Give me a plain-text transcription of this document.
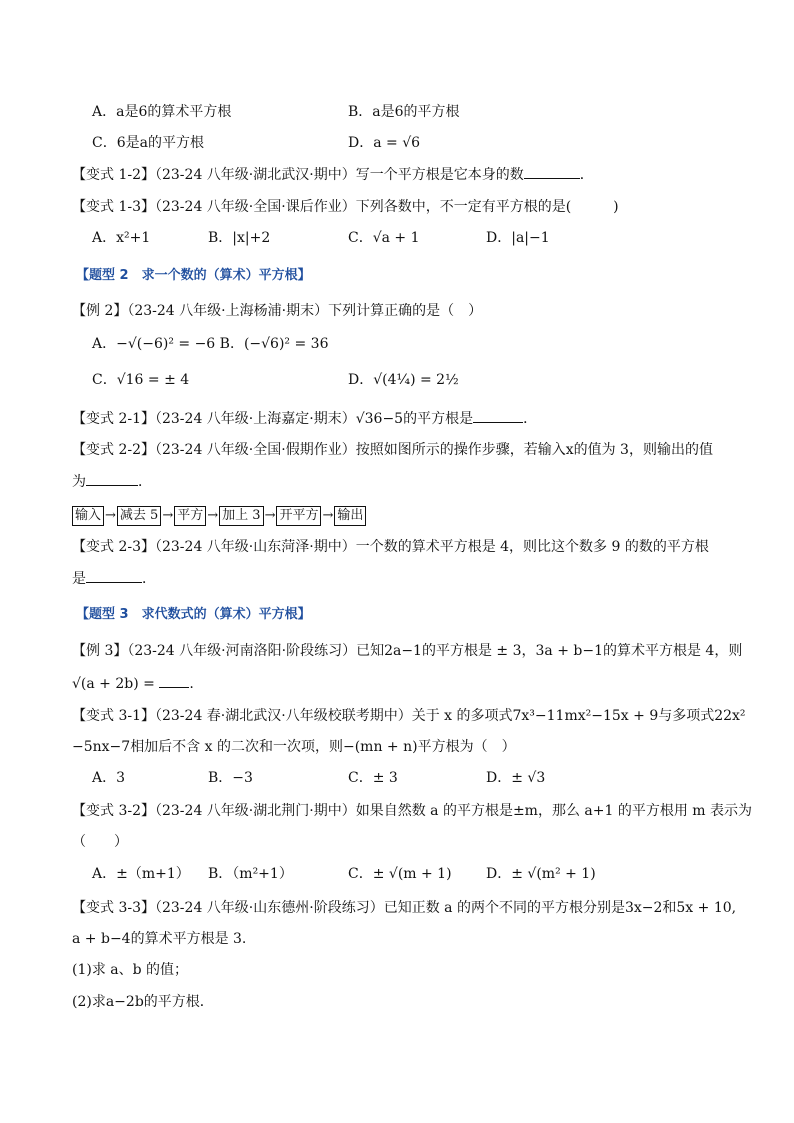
A．a是6的算术平方根	B．a是6的平方根
C．6是a的平方根	D．a = √6
【变式 1-2】（23-24 八年级·湖北武汉·期中）写一个平方根是它本身的数	．
【变式 1-3】（23-24 八年级·全国·课后作业）下列各数中，不一定有平方根的是(　　　)
A．x²+1	B．|x|+2	C．√a + 1	D．|a|−1
【题型 2　求一个数的（算术）平方根】
【例 2】（23-24 八年级·上海杨浦·期末）下列计算正确的是（　）
A．−√(−6)² = −6 B．(−√6)² = 36
C．√16 = ± 4	D．√(4¹⁄₄) = 2½
【变式 2-1】（23-24 八年级·上海嘉定·期末）√36−5的平方根是	．
【变式 2-2】（23-24 八年级·全国·假期作业）按照如图所示的操作步骤，若输入x的值为 3，则输出的值
为	．
输入 → 减去 5 → 平方 → 加上 3 → 开平方 → 输出
【变式 2-3】（23-24 八年级·山东菏泽·期中）一个数的算术平方根是 4，则比这个数多 9 的数的平方根
是	．
【题型 3　求代数式的（算术）平方根】
【例 3】（23-24 八年级·河南洛阳·阶段练习）已知2a−1的平方根是 ± 3，3a + b−1的算术平方根是 4，则
√(a + 2b) = .
【变式 3-1】（23-24 春·湖北武汉·八年级校联考期中）关于 x 的多项式7x³−11mx²−15x + 9与多项式22x²
−5nx−7相加后不含 x 的二次和一次项，则−(mn + n)平方根为（　）
A．3	B．−3	C．± 3	D．± √3
【变式 3-2】（23-24 八年级·湖北荆门·期中）如果自然数 a 的平方根是±m，那么 a+1 的平方根用 m 表示为
（　　）
A．±（m+1） B．（m²+1）	C．± √(m + 1) D．± √(m² + 1)
【变式 3-3】（23-24 八年级·山东德州·阶段练习）已知正数 a 的两个不同的平方根分别是3x−2和5x + 10,
a + b−4的算术平方根是 3.
(1)求 a、b 的值；
(2)求a−2b的平方根．
